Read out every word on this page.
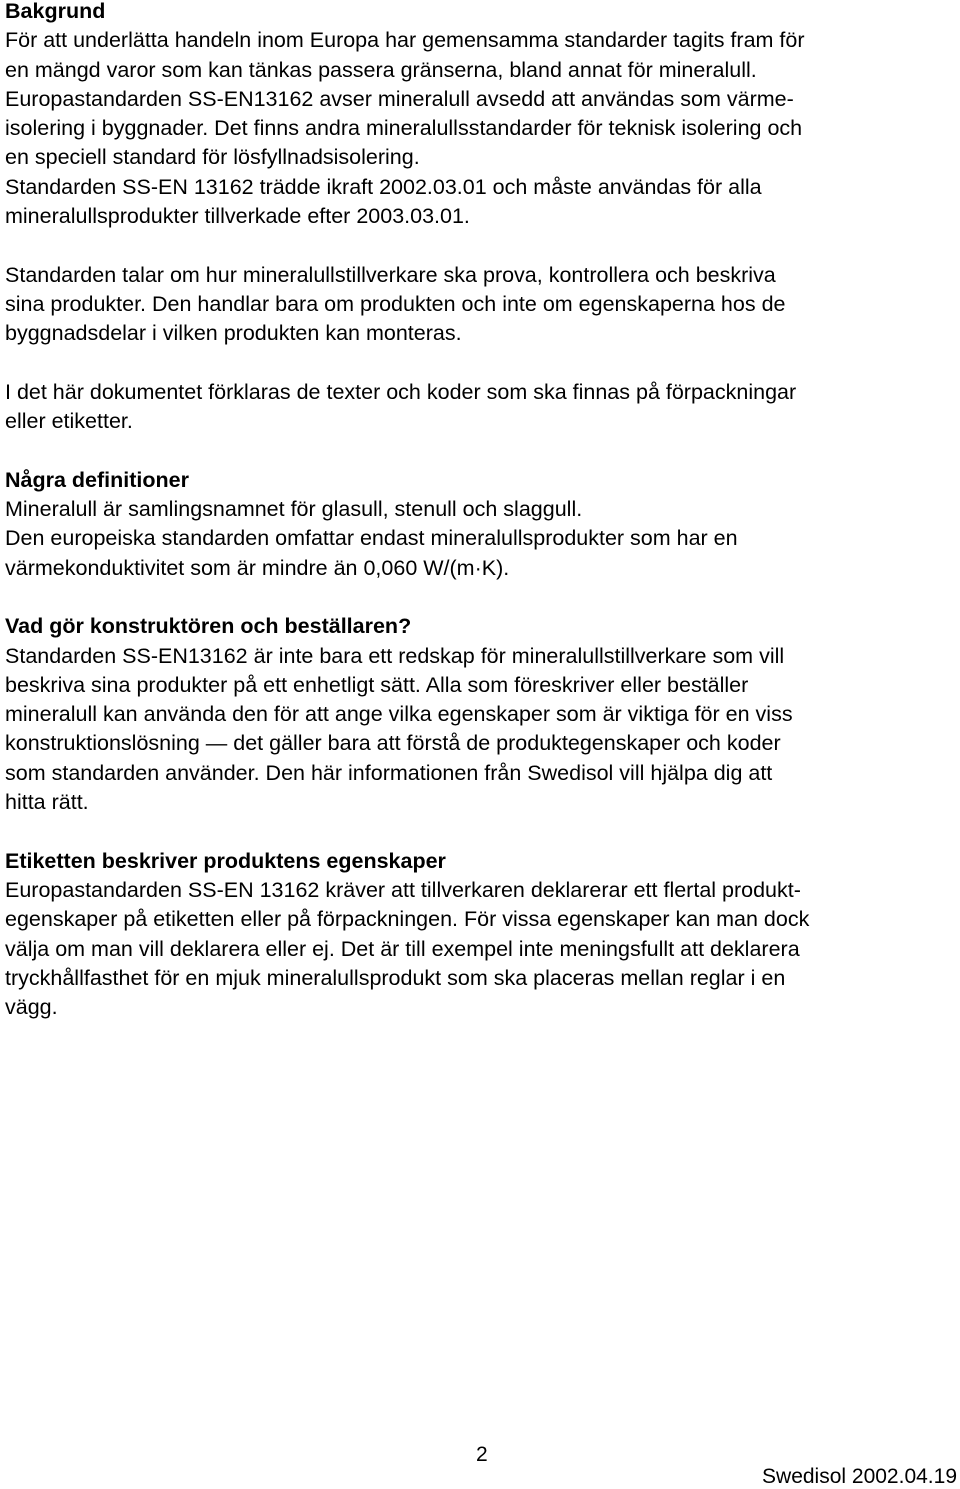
Bakgrund
För att underlätta handeln inom Europa har gemensamma standarder tagits fram för
en mängd varor som kan tänkas passera gränserna, bland annat för mineralull.
Europastandarden SS-EN13162 avser mineralull avsedd att användas som värme-
isolering i byggnader. Det finns andra mineralullsstandarder för teknisk isolering och
en speciell standard för lösfyllnadsisolering.
Standarden SS-EN 13162 trädde ikraft 2002.03.01 och måste användas för alla
mineralullsprodukter tillverkade efter 2003.03.01.
Standarden talar om hur mineralullstillverkare ska prova, kontrollera och beskriva
sina produkter. Den handlar bara om produkten och inte om egenskaperna hos de
byggnadsdelar i vilken produkten kan monteras.
I det här dokumentet förklaras de texter och koder som ska finnas på förpackningar
eller etiketter.
Några definitioner
Mineralull är samlingsnamnet för glasull, stenull och slaggull.
Den europeiska standarden omfattar endast mineralullsprodukter som har en
värmekonduktivitet som är mindre än 0,060 W/(m·K).
Vad gör konstruktören och beställaren?
Standarden SS-EN13162 är inte bara ett redskap för mineralullstillverkare som vill
beskriva sina produkter på ett enhetligt sätt. Alla som föreskriver eller beställer
mineralull kan använda den för att ange vilka egenskaper som är viktiga för en viss
konstruktionslösning — det gäller bara att förstå de produktegenskaper och koder
som standarden använder. Den här informationen från Swedisol vill hjälpa dig att
hitta rätt.
Etiketten beskriver produktens egenskaper
Europastandarden SS-EN 13162 kräver att tillverkaren deklarerar ett flertal produkt-
egenskaper på etiketten eller på förpackningen. För vissa egenskaper kan man dock
välja om man vill deklarera eller ej. Det är till exempel inte meningsfullt att deklarera
tryckhållfasthet för en mjuk mineralullsprodukt som ska placeras mellan reglar i en
vägg.
2
Swedisol 2002.04.19
